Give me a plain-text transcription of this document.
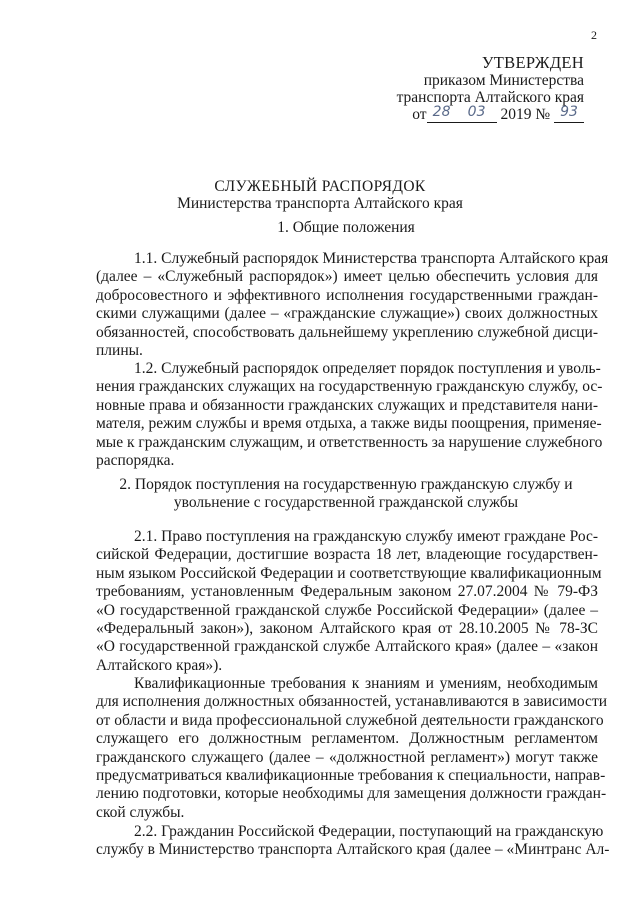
2
УТВЕРЖДЕН
приказом Министерства
транспорта Алтайского края
от 28 03 2019 № 93
СЛУЖЕБНЫЙ РАСПОРЯДОК
Министерства транспорта Алтайского края
1. Общие положения
1.1. Служебный распорядок Министерства транспорта Алтайского края
(далее – «Служебный распорядок») имеет целью обеспечить условия для
добросовестного и эффективного исполнения государственными граждан-
скими служащими (далее – «гражданские служащие») своих должностных
обязанностей, способствовать дальнейшему укреплению служебной дисци-
плины.
1.2. Служебный распорядок определяет порядок поступления и уволь-
нения гражданских служащих на государственную гражданскую службу, ос-
новные права и обязанности гражданских служащих и представителя нани-
мателя, режим службы и время отдыха, а также виды поощрения, применяе-
мые к гражданским служащим, и ответственность за нарушение служебного
распорядка.
2. Порядок поступления на государственную гражданскую службу и
увольнение с государственной гражданской службы
2.1. Право поступления на гражданскую службу имеют граждане Рос-
сийской Федерации, достигшие возраста 18 лет, владеющие государствен-
ным языком Российской Федерации и соответствующие квалификационным
требованиям, установленным Федеральным законом 27.07.2004 № 79-ФЗ
«О государственной гражданской службе Российской Федерации» (далее –
«Федеральный закон»), законом Алтайского края от 28.10.2005 № 78-ЗС
«О государственной гражданской службе Алтайского края» (далее – «закон
Алтайского края»).
Квалификационные требования к знаниям и умениям, необходимым
для исполнения должностных обязанностей, устанавливаются в зависимости
от области и вида профессиональной служебной деятельности гражданского
служащего его должностным регламентом. Должностным регламентом
гражданского служащего (далее – «должностной регламент») могут также
предусматриваться квалификационные требования к специальности, направ-
лению подготовки, которые необходимы для замещения должности граждан-
ской службы.
2.2. Гражданин Российской Федерации, поступающий на гражданскую
службу в Министерство транспорта Алтайского края (далее – «Минтранс Ал-
